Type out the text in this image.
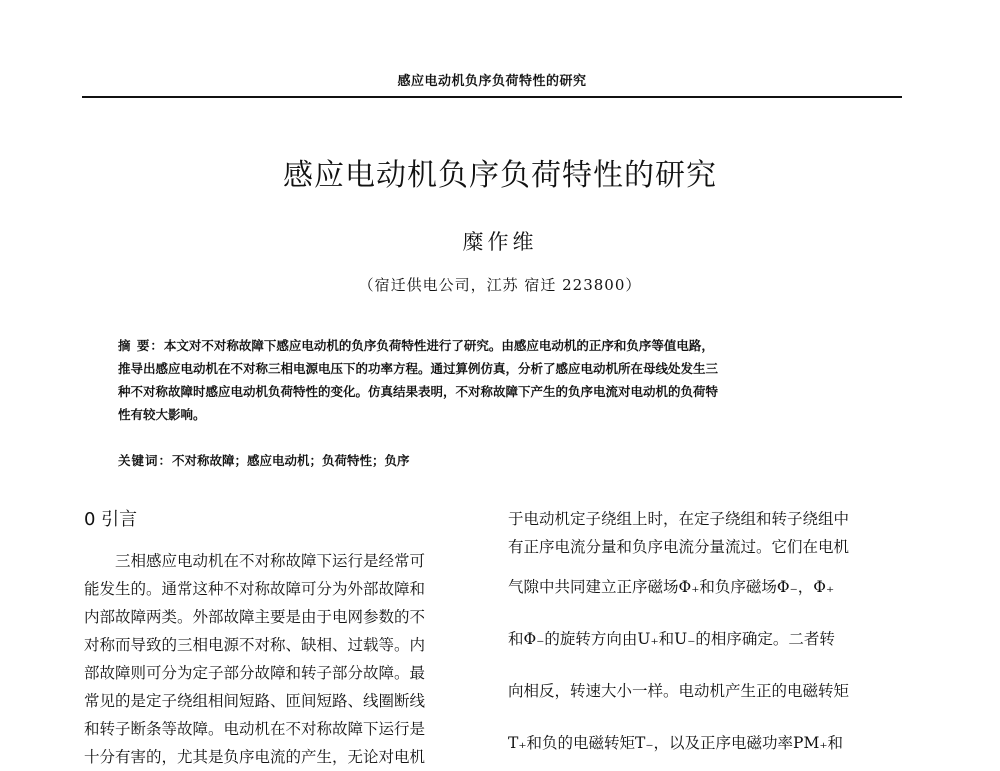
感应电动机负序负荷特性的研究
感应电动机负序负荷特性的研究
糜作维
（宿迁供电公司，江苏 宿迁 223800）
摘 要：本文对不对称故障下感应电动机的负序负荷特性进行了研究。由感应电动机的正序和负序等值电路，
推导出感应电动机在不对称三相电源电压下的功率方程。通过算例仿真，分析了感应电动机所在母线处发生三
种不对称故障时感应电动机负荷特性的变化。仿真结果表明，不对称故障下产生的负序电流对电动机的负荷特
性有较大影响。
关键词：不对称故障；感应电动机；负荷特性；负序
0 引言
　　三相感应电动机在不对称故障下运行是经常可
能发生的。通常这种不对称故障可分为外部故障和
内部故障两类。外部故障主要是由于电网参数的不
对称而导致的三相电源不对称、缺相、过载等。内
部故障则可分为定子部分故障和转子部分故障。最
常见的是定子绕组相间短路、匝间短路、线圈断线
和转子断条等故障。电动机在不对称故障下运行是
十分有害的，尤其是负序电流的产生，无论对电机
于电动机定子绕组上时，在定子绕组和转子绕组中
有正序电流分量和负序电流分量流过。它们在电机
气隙中共同建立正序磁场Φ₊和负序磁场Φ₋，Φ₊
和Φ₋的旋转方向由U₊和U₋的相序确定。二者转
向相反，转速大小一样。电动机产生正的电磁转矩
T₊和负的电磁转矩T₋，以及正序电磁功率PM₊和
